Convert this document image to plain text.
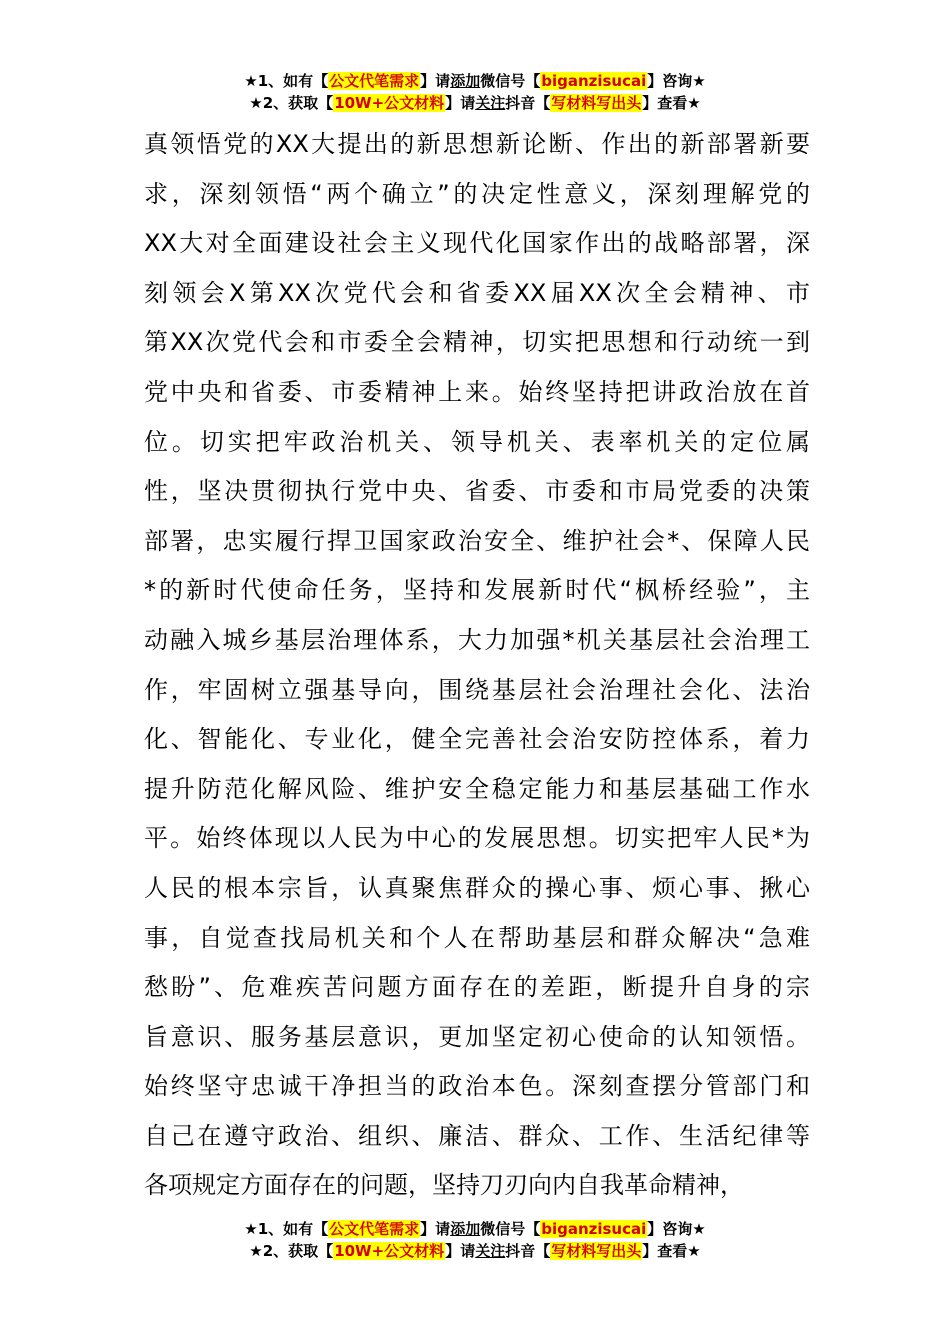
★1、如有【公文代笔需求】请添加微信号【biganzisucai】咨询★
★2、获取【10W+公文材料】请关注抖音【写材料写出头】查看★
真领悟党的XX大提出的新思想新论断、作出的新部署新要
求，深刻领悟“两个确立”的决定性意义，深刻理解党的
XX大对全面建设社会主义现代化国家作出的战略部署，深
刻领会X第XX次党代会和省委XX届XX次全会精神、市
第XX次党代会和市委全会精神，切实把思想和行动统一到
党中央和省委、市委精神上来。始终坚持把讲政治放在首
位。切实把牢政治机关、领导机关、表率机关的定位属
性，坚决贯彻执行党中央、省委、市委和市局党委的决策
部署，忠实履行捍卫国家政治安全、维护社会*、保障人民
*的新时代使命任务，坚持和发展新时代“枫桥经验”，主
动融入城乡基层治理体系，大力加强*机关基层社会治理工
作，牢固树立强基导向，围绕基层社会治理社会化、法治
化、智能化、专业化，健全完善社会治安防控体系，着力
提升防范化解风险、维护安全稳定能力和基层基础工作水
平。始终体现以人民为中心的发展思想。切实把牢人民*为
人民的根本宗旨，认真聚焦群众的操心事、烦心事、揪心
事，自觉查找局机关和个人在帮助基层和群众解决“急难
愁盼”、危难疾苦问题方面存在的差距，断提升自身的宗
旨意识、服务基层意识，更加坚定初心使命的认知领悟。
始终坚守忠诚干净担当的政治本色。深刻查摆分管部门和
自己在遵守政治、组织、廉洁、群众、工作、生活纪律等
各项规定方面存在的问题，坚持刀刃向内自我革命精神，
★1、如有【公文代笔需求】请添加微信号【biganzisucai】咨询★
★2、获取【10W+公文材料】请关注抖音【写材料写出头】查看★
